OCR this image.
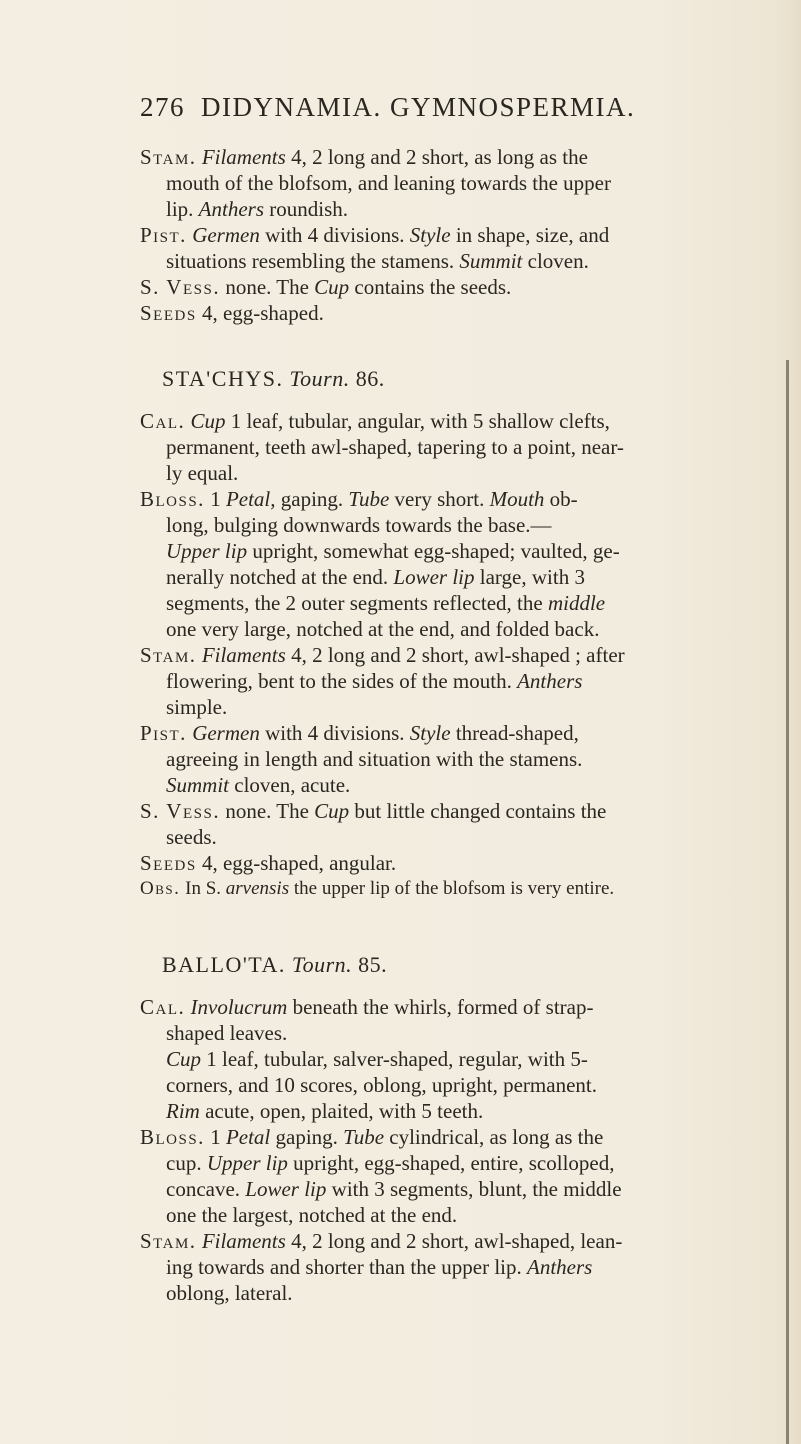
276 DIDYNAMIA. GYMNOSPERMIA.
Stam. Filaments 4, 2 long and 2 short, as long as the
mouth of the blofsom, and leaning towards the upper
lip. Anthers roundish.
Pist. Germen with 4 divisions. Style in shape, size, and
situations resembling the stamens. Summit cloven.
S. Vess. none. The Cup contains the seeds.
Seeds 4, egg-shaped.
STA'CHYS. Tourn. 86.
Cal. Cup 1 leaf, tubular, angular, with 5 shallow clefts,
permanent, teeth awl-shaped, tapering to a point, near-
ly equal.
Bloss. 1 Petal, gaping. Tube very short. Mouth ob-
long, bulging downwards towards the base.—
Upper lip upright, somewhat egg-shaped; vaulted, ge-
nerally notched at the end. Lower lip large, with 3
segments, the 2 outer segments reflected, the middle
one very large, notched at the end, and folded back.
Stam. Filaments 4, 2 long and 2 short, awl-shaped ; after
flowering, bent to the sides of the mouth. Anthers
simple.
Pist. Germen with 4 divisions. Style thread-shaped,
agreeing in length and situation with the stamens.
Summit cloven, acute.
S. Vess. none. The Cup but little changed contains the
seeds.
Seeds 4, egg-shaped, angular.
Obs. In S. arvensis the upper lip of the blofsom is very entire.
BALLO'TA. Tourn. 85.
Cal. Involucrum beneath the whirls, formed of strap-
shaped leaves.
Cup 1 leaf, tubular, salver-shaped, regular, with 5-
corners, and 10 scores, oblong, upright, permanent.
Rim acute, open, plaited, with 5 teeth.
Bloss. 1 Petal gaping. Tube cylindrical, as long as the
cup. Upper lip upright, egg-shaped, entire, scolloped,
concave. Lower lip with 3 segments, blunt, the middle
one the largest, notched at the end.
Stam. Filaments 4, 2 long and 2 short, awl-shaped, lean-
ing towards and shorter than the upper lip. Anthers
oblong, lateral.
